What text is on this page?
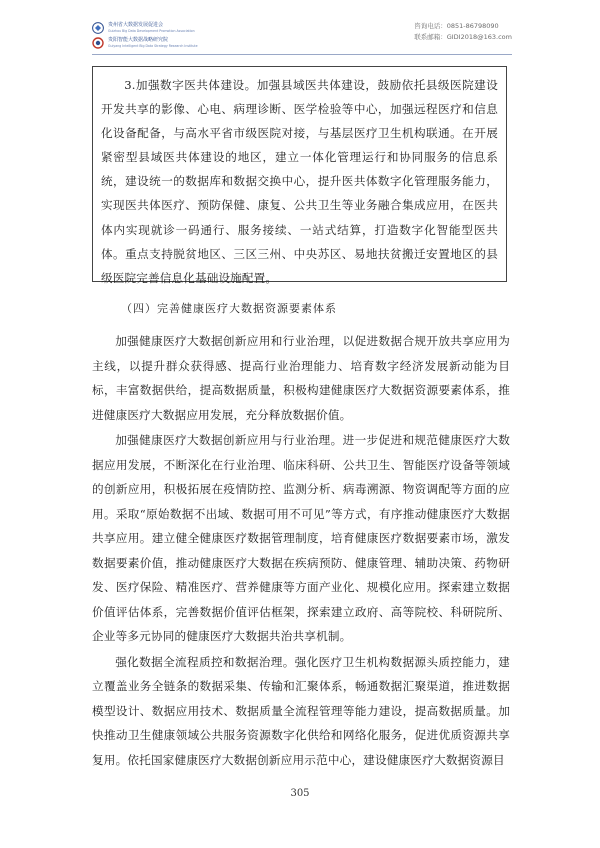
贵州省大数据发展促进会
Guizhou Big Data Development Promotion Association
贵阳智能大数据战略研究院
Guiyang Intelligent Big Data Strategy Research Institute
咨询电话：0851-86798090
联系邮箱：GIDI2018@163.com

3.加强数字医共体建设。加强县域医共体建设，鼓励依托县级医院建设开发共享的影像、心电、病理诊断、医学检验等中心，加强远程医疗和信息化设备配备，与高水平省市级医院对接，与基层医疗卫生机构联通。在开展紧密型县域医共体建设的地区，建立一体化管理运行和协同服务的信息系统，建设统一的数据库和数据交换中心，提升医共体数字化管理服务能力，实现医共体医疗、预防保健、康复、公共卫生等业务融合集成应用，在医共体内实现就诊一码通行、服务接续、一站式结算，打造数字化智能型医共体。重点支持脱贫地区、三区三州、中央苏区、易地扶贫搬迁安置地区的县级医院完善信息化基础设施配置。

（四）完善健康医疗大数据资源要素体系

加强健康医疗大数据创新应用和行业治理，以促进数据合规开放共享应用为主线，以提升群众获得感、提高行业治理能力、培育数字经济发展新动能为目标，丰富数据供给，提高数据质量，积极构建健康医疗大数据资源要素体系，推进健康医疗大数据应用发展，充分释放数据价值。

加强健康医疗大数据创新应用与行业治理。进一步促进和规范健康医疗大数据应用发展，不断深化在行业治理、临床科研、公共卫生、智能医疗设备等领域的创新应用，积极拓展在疫情防控、监测分析、病毒溯源、物资调配等方面的应用。采取“原始数据不出域、数据可用不可见”等方式，有序推动健康医疗大数据共享应用。建立健全健康医疗数据管理制度，培育健康医疗数据要素市场，激发数据要素价值，推动健康医疗大数据在疾病预防、健康管理、辅助决策、药物研发、医疗保险、精准医疗、营养健康等方面产业化、规模化应用。探索建立数据价值评估体系，完善数据价值评估框架，探索建立政府、高等院校、科研院所、企业等多元协同的健康医疗大数据共治共享机制。

强化数据全流程质控和数据治理。强化医疗卫生机构数据源头质控能力，建立覆盖业务全链条的数据采集、传输和汇聚体系，畅通数据汇聚渠道，推进数据模型设计、数据应用技术、数据质量全流程管理等能力建设，提高数据质量。加快推动卫生健康领域公共服务资源数字化供给和网络化服务，促进优质资源共享复用。依托国家健康医疗大数据创新应用示范中心，建设健康医疗大数据资源目

305
